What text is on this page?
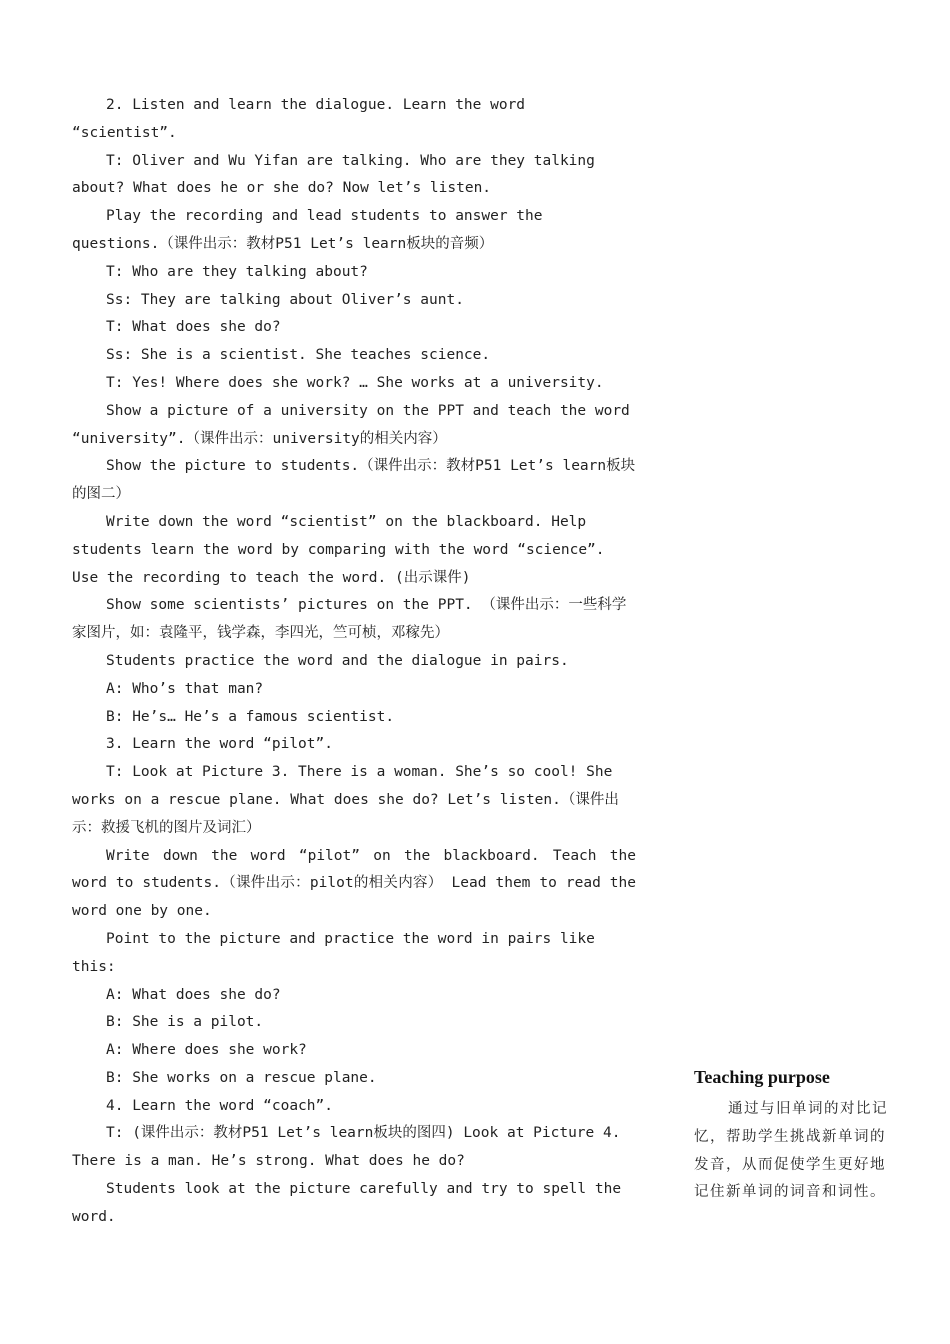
2. Listen and learn the dialogue. Learn the word “scientist”.

T: Oliver and Wu Yifan are talking. Who are they talking about? What does he or she do? Now let’s listen.

Play the recording and lead students to answer the questions.（课件出示：教材P51 Let’s learn板块的音频）

T: Who are they talking about?

Ss: They are talking about Oliver’s aunt.

T: What does she do?

Ss: She is a scientist. She teaches science.

T: Yes! Where does she work? … She works at a university.

Show a picture of a university on the PPT and teach the word “university”.（课件出示：university的相关内容）

Show the picture to students.（课件出示：教材P51 Let’s learn板块的图二）

Write down the word “scientist” on the blackboard. Help students learn the word by comparing with the word “science”. Use the recording to teach the word. (出示课件)

Show some scientists’ pictures on the PPT. （课件出示：一些科学家图片，如：袁隆平，钱学森，李四光，竺可桢，邓稼先）

Students practice the word and the dialogue in pairs.

A: Who’s that man?

B: He’s… He’s a famous scientist.

3. Learn the word “pilot”.

T: Look at Picture 3. There is a woman. She’s so cool! She works on a rescue plane. What does she do? Let’s listen.（课件出示：救援飞机的图片及词汇）

Write down the word “pilot” on the blackboard. Teach the word to students.（课件出示：pilot的相关内容） Lead them to read the word one by one.

Point to the picture and practice the word in pairs like this:

A: What does she do?

B: She is a pilot.

A: Where does she work?

B: She works on a rescue plane.

4. Learn the word “coach”.

T: (课件出示：教材P51 Let’s learn板块的图四) Look at Picture 4. There is a man. He’s strong. What does he do?

Students look at the picture carefully and try to spell the word.

Teaching purpose

通过与旧单词的对比记忆，帮助学生挑战新单词的发音，从而促使学生更好地记住新单词的词音和词性。
